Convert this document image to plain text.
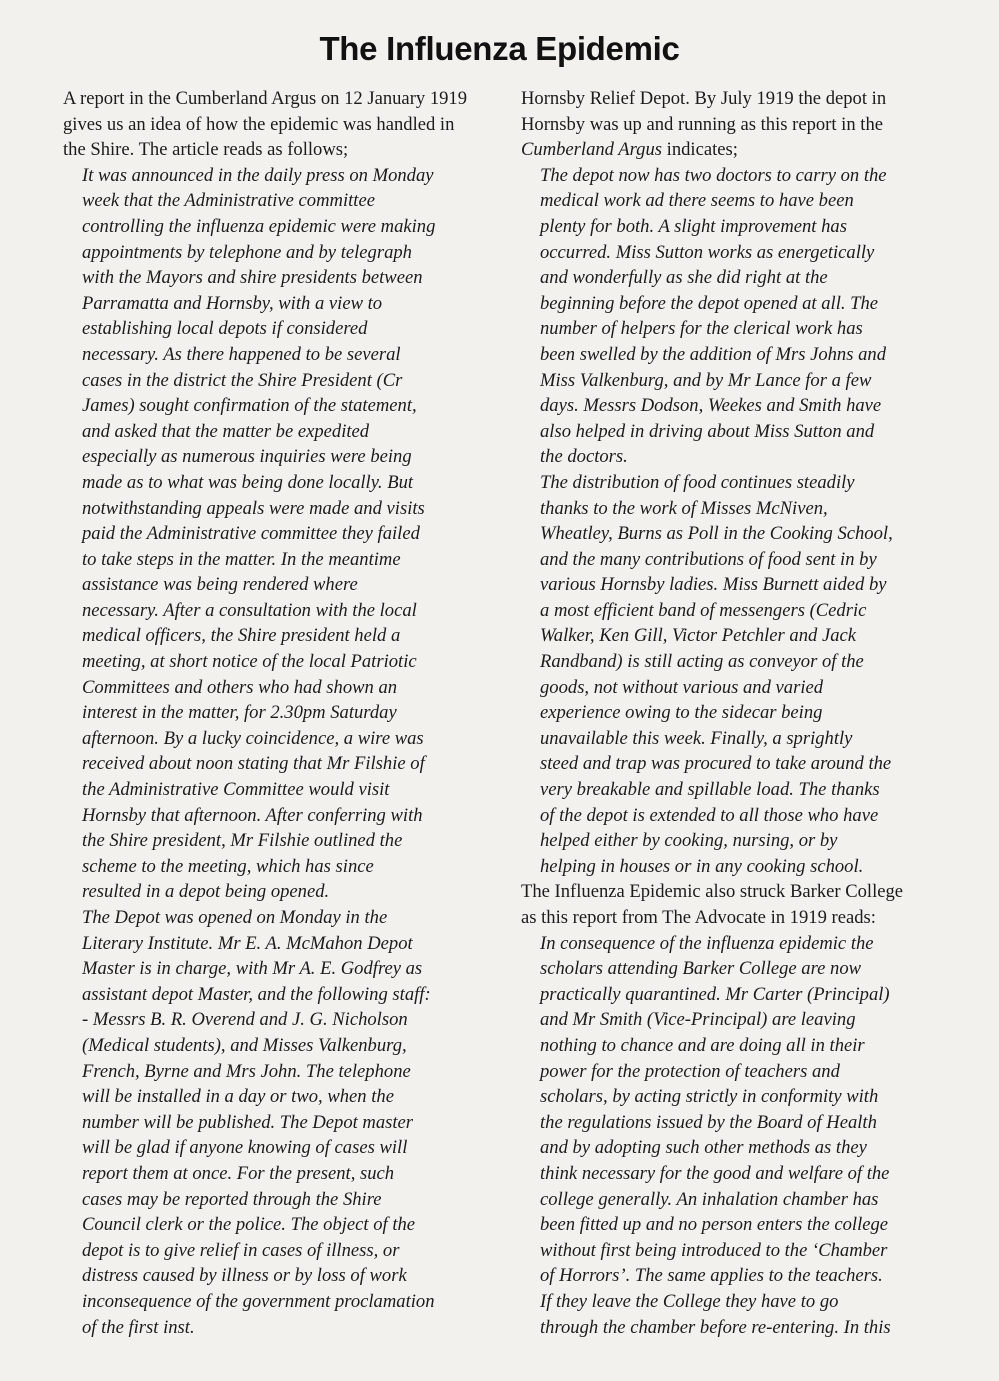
The Influenza Epidemic
A report in the Cumberland Argus on 12 January 1919
gives us an idea of how the epidemic was handled in
the Shire. The article reads as follows;
It was announced in the daily press on Monday
week that the Administrative committee
controlling the influenza epidemic were making
appointments by telephone and by telegraph
with the Mayors and shire presidents between
Parramatta and Hornsby, with a view to
establishing local depots if considered
necessary. As there happened to be several
cases in the district the Shire President (Cr
James) sought confirmation of the statement,
and asked that the matter be expedited
especially as numerous inquiries were being
made as to what was being done locally. But
notwithstanding appeals were made and visits
paid the Administrative committee they failed
to take steps in the matter. In the meantime
assistance was being rendered where
necessary. After a consultation with the local
medical officers, the Shire president held a
meeting, at short notice of the local Patriotic
Committees and others who had shown an
interest in the matter, for 2.30pm Saturday
afternoon. By a lucky coincidence, a wire was
received about noon stating that Mr Filshie of
the Administrative Committee would visit
Hornsby that afternoon. After conferring with
the Shire president, Mr Filshie outlined the
scheme to the meeting, which has since
resulted in a depot being opened.
The Depot was opened on Monday in the
Literary Institute. Mr E. A. McMahon Depot
Master is in charge, with Mr A. E. Godfrey as
assistant depot Master, and the following staff:
- Messrs B. R. Overend and J. G. Nicholson
(Medical students), and Misses Valkenburg,
French, Byrne and Mrs John. The telephone
will be installed in a day or two, when the
number will be published. The Depot master
will be glad if anyone knowing of cases will
report them at once. For the present, such
cases may be reported through the Shire
Council clerk or the police. The object of the
depot is to give relief in cases of illness, or
distress caused by illness or by loss of work
inconsequence of the government proclamation
of the first inst.
Hornsby Relief Depot. By July 1919 the depot in
Hornsby was up and running as this report in the
Cumberland Argus indicates;
The depot now has two doctors to carry on the
medical work ad there seems to have been
plenty for both. A slight improvement has
occurred. Miss Sutton works as energetically
and wonderfully as she did right at the
beginning before the depot opened at all. The
number of helpers for the clerical work has
been swelled by the addition of Mrs Johns and
Miss Valkenburg, and by Mr Lance for a few
days. Messrs Dodson, Weekes and Smith have
also helped in driving about Miss Sutton and
the doctors.
The distribution of food continues steadily
thanks to the work of Misses McNiven,
Wheatley, Burns as Poll in the Cooking School,
and the many contributions of food sent in by
various Hornsby ladies. Miss Burnett aided by
a most efficient band of messengers (Cedric
Walker, Ken Gill, Victor Petchler and Jack
Randband) is still acting as conveyor of the
goods, not without various and varied
experience owing to the sidecar being
unavailable this week. Finally, a sprightly
steed and trap was procured to take around the
very breakable and spillable load. The thanks
of the depot is extended to all those who have
helped either by cooking, nursing, or by
helping in houses or in any cooking school.
The Influenza Epidemic also struck Barker College
as this report from The Advocate in 1919 reads:
In consequence of the influenza epidemic the
scholars attending Barker College are now
practically quarantined. Mr Carter (Principal)
and Mr Smith (Vice-Principal) are leaving
nothing to chance and are doing all in their
power for the protection of teachers and
scholars, by acting strictly in conformity with
the regulations issued by the Board of Health
and by adopting such other methods as they
think necessary for the good and welfare of the
college generally. An inhalation chamber has
been fitted up and no person enters the college
without first being introduced to the ‘Chamber
of Horrors’. The same applies to the teachers.
If they leave the College they have to go
through the chamber before re-entering. In this
